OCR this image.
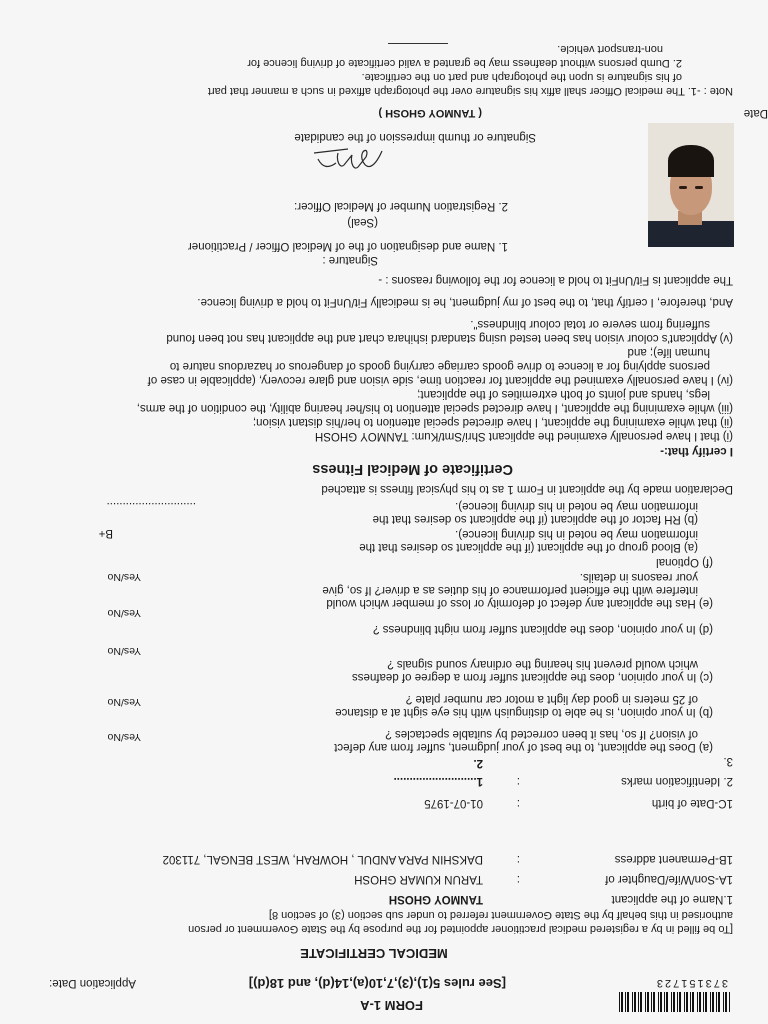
373151723
FORM 1-A
[See rules 5(1),(3),7,10(a),14(d), and 18(d)]
Application Date:
MEDICAL CERTIFICATE
[To be filled in by a registered medical practitioner appointed for the purpose by the State Government or person
authorised in this behalf by the State Government referred to under sub section (3) of section 8]
1.Name of the applicant
TANMOY GHOSH
1A-Son/Wife/Daughter of
:
TARUN KUMAR GHOSH
1B-Permanent address
:
DAKSHIN PARA ANDUL , HOWRAH, WEST BENGAL, 711302
1C-Date of birth
:
01-07-1975
2. Identification marks
:
1..........................
2.	3.
(a) Does the applicant, to the best of your judgment, suffer from any defect
of vision? If so, has it been corrected by suitable spectacles ?
Yes/No
(b) In your opinion, is he able to distinguish with his eye sight at a distance
of 25 meters in good day light a motor car number plate ?
Yes/No
(c) In your opinion, does the applicant suffer from a degree of deafness
which would prevent his hearing the ordinary sound signals ?
Yes/No
(d) In your opinion, does the applicant suffer from night blindness ?
Yes/No
(e) Has the applicant any defect of deformity or loss of member which would
interfere with the efficient performance of his duties as a driver? If so, give
your reasons in details.
Yes/No
(f) Optional
(a) Blood group of the applicant (if the applicant so desires that the
information may be noted in his driving licence).
B+
(b) RH factor of the applicant (if the applicant so desires that the
information may be noted in his driving licence).
............................
Declaration made by the applicant in Form 1 as to his physical fitness is attached
Certificate of Medical Fitness
I certify that:-
(i) that I have personally examined the applicant Shri/Smt/Kum: TANMOY GHOSH
(ii) that while examining the applicant, I have directed special attention to her/his distant vision;
(iii) while examining the applicant, I have directed special attention to his/her hearing ability, the condition of the arms,
legs, hands and joints of both extremities of the applicant;
(iv) I have personally examined the applicant for reaction time, side vision and glare recovery, (applicable in case of
persons applying for a licence to drive goods carriage carrying goods of dangerous or hazardous nature to
human life); and
(v) Applicant's colour vision has been tested using standard ishihara chart and the applicant has not been found
suffering from severe or total colour blindness".
And, therefore, I certify that, to the best of my judgment, he is medically Fit/UnFit to hold a driving licence.
The applicant is Fit/UnFit to hold a licence for the following reasons : -
Signature :
1. Name and designation of the of Medical Officer / Practitioner
(Seal)
2. Registration Number of Medical Officer:
Signature or thumb impression of the candidate
( TANMOY GHOSH )	Date
Note : -1. The medical Officer shall affix his signature over the photograph affixed in such a manner that part
of his signature is upon the photograph and part on the certificate.
2. Dumb persons without deafness may be granted a valid certificate of driving licence for
non-transport vehicle.
